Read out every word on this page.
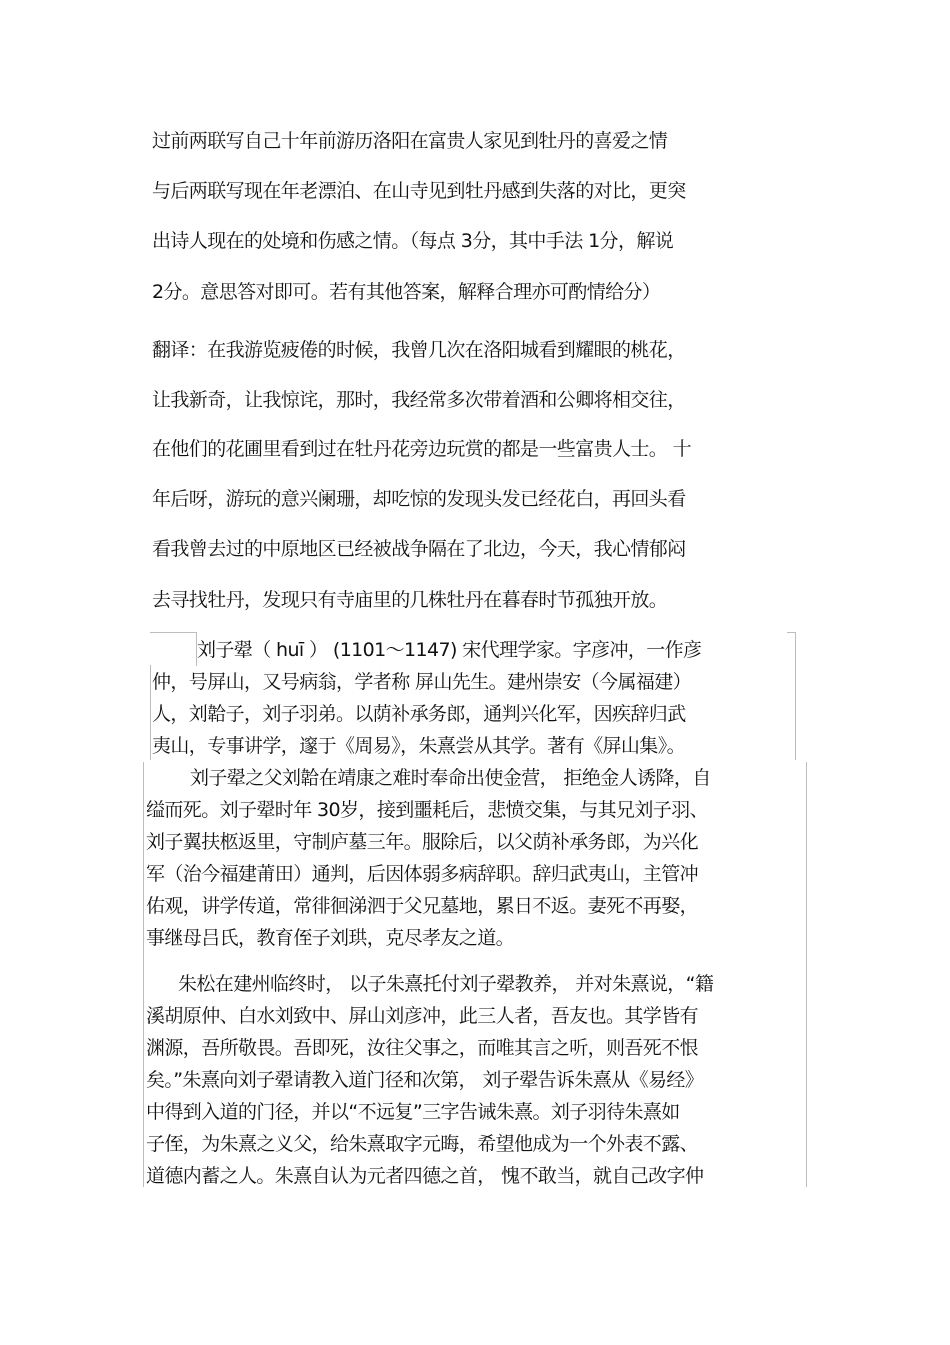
过前两联写自己十年前游历洛阳在富贵人家见到牡丹的喜爱之情

与后两联写现在年老漂泊、在山寺见到牡丹感到失落的对比，更突

出诗人现在的处境和伤感之情。（每点 3分，其中手法 1分，解说

2分。意思答对即可。若有其他答案，解释合理亦可酌情给分）

翻译：在我游览疲倦的时候，我曾几次在洛阳城看到耀眼的桃花，

让我新奇，让我惊诧，那时，我经常多次带着酒和公卿将相交往，

在他们的花圃里看到过在牡丹花旁边玩赏的都是一些富贵人士。 十

年后呀，游玩的意兴阑珊，却吃惊的发现头发已经花白，再回头看

看我曾去过的中原地区已经被战争隔在了北边，今天，我心情郁闷

去寻找牡丹，发现只有寺庙里的几株牡丹在暮春时节孤独开放。

刘子翚（ huī ） (1101～1147) 宋代理学家。字彦冲，一作彦

仲，号屏山，又号病翁，学者称 屏山先生。建州崇安（今属福建）

人，刘韐子，刘子羽弟。以荫补承务郎，通判兴化军，因疾辞归武

夷山，专事讲学，邃于《周易》，朱熹尝从其学。著有《屏山集》。

刘子翚之父刘韐在靖康之难时奉命出使金营， 拒绝金人诱降，自

缢而死。刘子翚时年 30岁，接到噩耗后，悲愤交集，与其兄刘子羽、

刘子翼扶柩返里，守制庐墓三年。服除后，以父荫补承务郎，为兴化

军（治今福建莆田）通判，后因体弱多病辞职。辞归武夷山，主管冲

佑观，讲学传道，常徘徊涕泗于父兄墓地，累日不返。妻死不再娶，

事继母吕氏，教育侄子刘珙，克尽孝友之道。

朱松在建州临终时， 以子朱熹托付刘子翚教养， 并对朱熹说，“籍

溪胡原仲、白水刘致中、屏山刘彦冲，此三人者，吾友也。其学皆有

渊源，吾所敬畏。吾即死，汝往父事之，而唯其言之听，则吾死不恨

矣。”朱熹向刘子翚请教入道门径和次第， 刘子翚告诉朱熹从《易经》

中得到入道的门径，并以“不远复”三字告诫朱熹。刘子羽待朱熹如

子侄，为朱熹之义父，给朱熹取字元晦，希望他成为一个外表不露、

道德内蓄之人。朱熹自认为元者四德之首， 愧不敢当，就自己改字仲
